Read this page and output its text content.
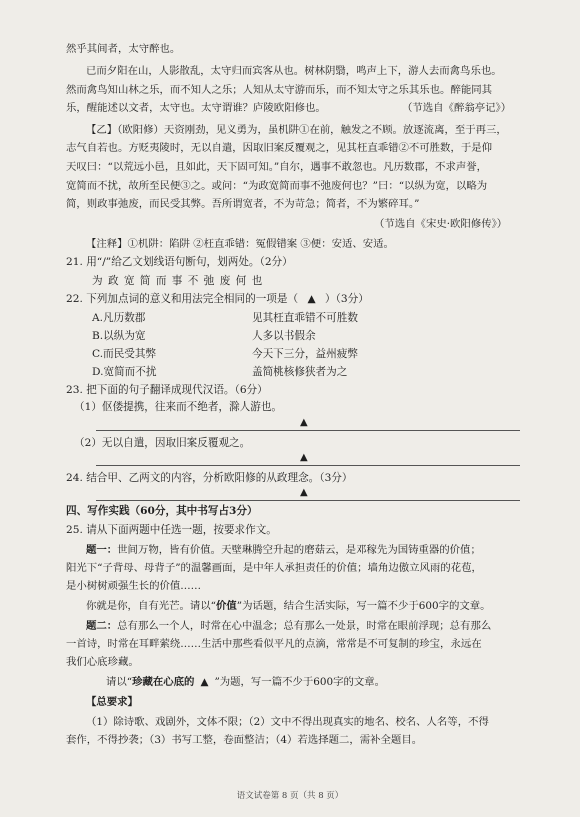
然乎其间者，太守醉也。
已而夕阳在山，人影散乱，太守归而宾客从也。树林阴翳，鸣声上下，游人去而禽鸟乐也。
然而禽鸟知山林之乐，而不知人之乐；人知从太守游而乐，而不知太守之乐其乐也。醉能同其
乐，醒能述以文者，太守也。太守谓谁？庐陵欧阳修也。	（节选自《醉翁亭记》）
【乙】（欧阳修）天资刚劲，见义勇为，虽机阱①在前，触发之不顾。放逐流离，至于再三，
志气自若也。方贬夷陵时，无以自遣，因取旧案反覆观之，见其枉直乖错②不可胜数，于是仰
天叹曰：“以荒远小邑，且如此，天下固可知。”自尔，遇事不敢忽也。凡历数郡，不求声誉，
宽简而不扰，故所至民便③之。或问：“为政宽简而事不弛废何也？”曰：“以纵为宽，以略为
简，则政事弛废，而民受其弊。吾所谓宽者，不为苛急；简者，不为繁碎耳。”
（节选自《宋史·欧阳修传》）
【注释】①机阱：陷阱 ②枉直乖错：冤假错案 ③便：安适、安适。
21. 用“/”给乙文划线语句断句，划两处。（2分）
为 政 宽 简 而 事 不 弛 废 何 也
22. 下列加点词的意义和用法完全相同的一项是（ ▲ ）（3分）
A.凡历数郡	见其枉直乖错不可胜数
B.以纵为宽	人多以书假余
C.而民受其弊	今天下三分，益州疲弊
D.宽简而不扰	盖简桃核修狭者为之
23. 把下面的句子翻译成现代汉语。（6分）
（1）伛偻提携，往来而不绝者，滁人游也。
▲
（2）无以自遣，因取旧案反覆观之。
▲
24. 结合甲、乙两文的内容，分析欧阳修的从政理念。（3分）
▲
四、写作实践（60分，其中书写占3分）
25. 请从下面两题中任选一题，按要求作文。
题一：世间万物，皆有价值。天壁琳腾空升起的磨菇云，是邓稼先为国铸重器的价值；
阳光下“子背母、母背子”的温馨画面，是中年人承担责任的价值；墙角边傲立风雨的花苞，
是小树树顽强生长的价值……
你就是你，自有光芒。请以“价值”为话题，结合生活实际，写一篇不少于600字的文章。
题二：总有那么一个人，时常在心中温念；总有那么一处景，时常在眼前浮现；总有那么
一首诗，时常在耳畔萦绕……生活中那些看似平凡的点滴，常常是不可复制的珍宝，永远在
我们心底珍藏。
请以“珍藏在心底的 ▲ ”为题，写一篇不少于600字的文章。
【总要求】
（1）除诗歌、戏剧外，文体不限；（2）文中不得出现真实的地名、校名、人名等，不得
套作，不得抄袭；（3）书写工整，卷面整洁；（4）若选择题二，需补全题目。
语文试卷第 8 页（共 8 页）
